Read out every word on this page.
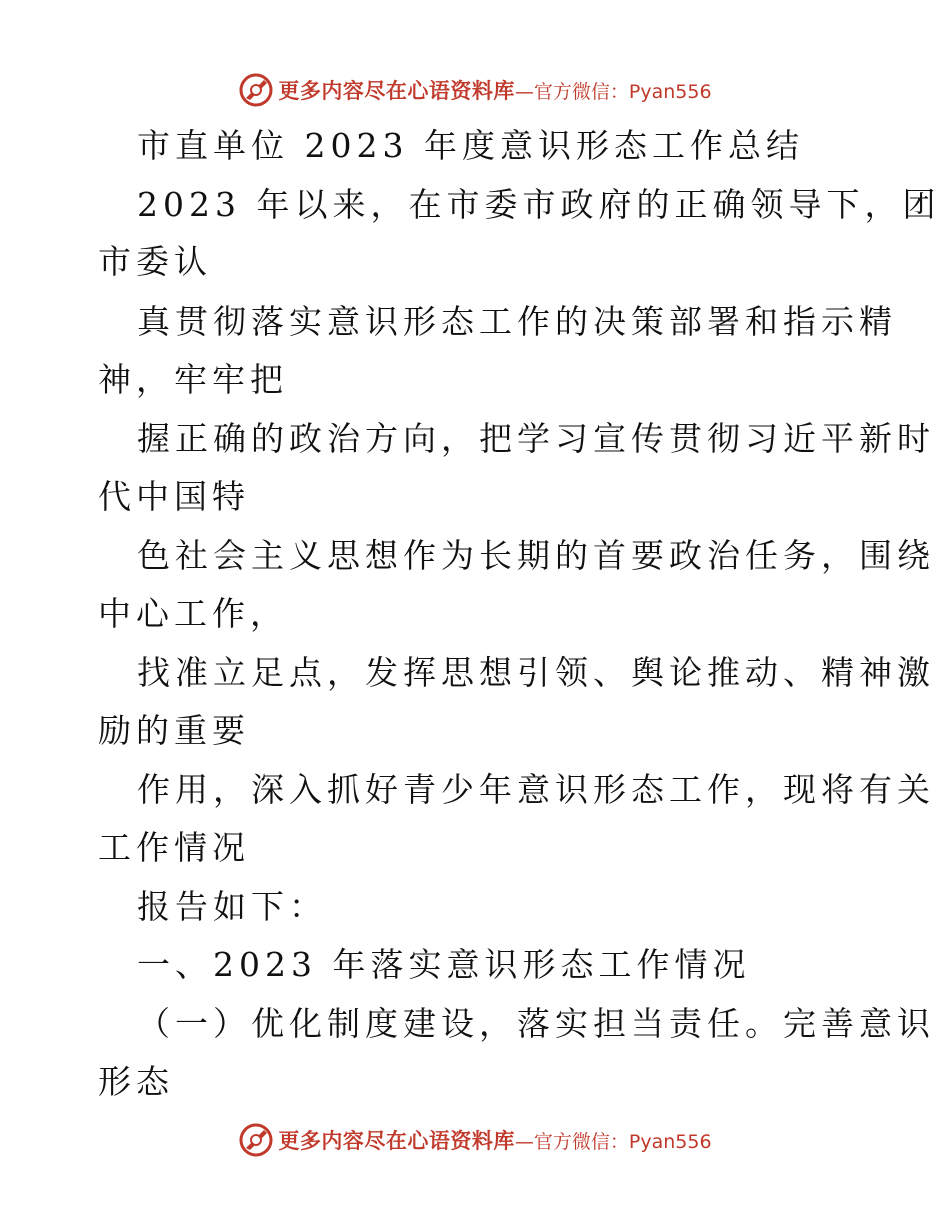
更多内容尽在心语资料库 —官方微信：Pyan556
市直单位 2023 年度意识形态工作总结
2023 年以来，在市委市政府的正确领导下，团
市委认
真贯彻落实意识形态工作的决策部署和指示精
神，牢牢把
握正确的政治方向，把学习宣传贯彻习近平新时
代中国特
色社会主义思想作为长期的首要政治任务，围绕
中心工作，
找准立足点，发挥思想引领、舆论推动、精神激
励的重要
作用，深入抓好青少年意识形态工作，现将有关
工作情况
报告如下：
一、2023 年落实意识形态工作情况
（一）优化制度建设，落实担当责任。完善意识
形态
更多内容尽在心语资料库 —官方微信：Pyan556
